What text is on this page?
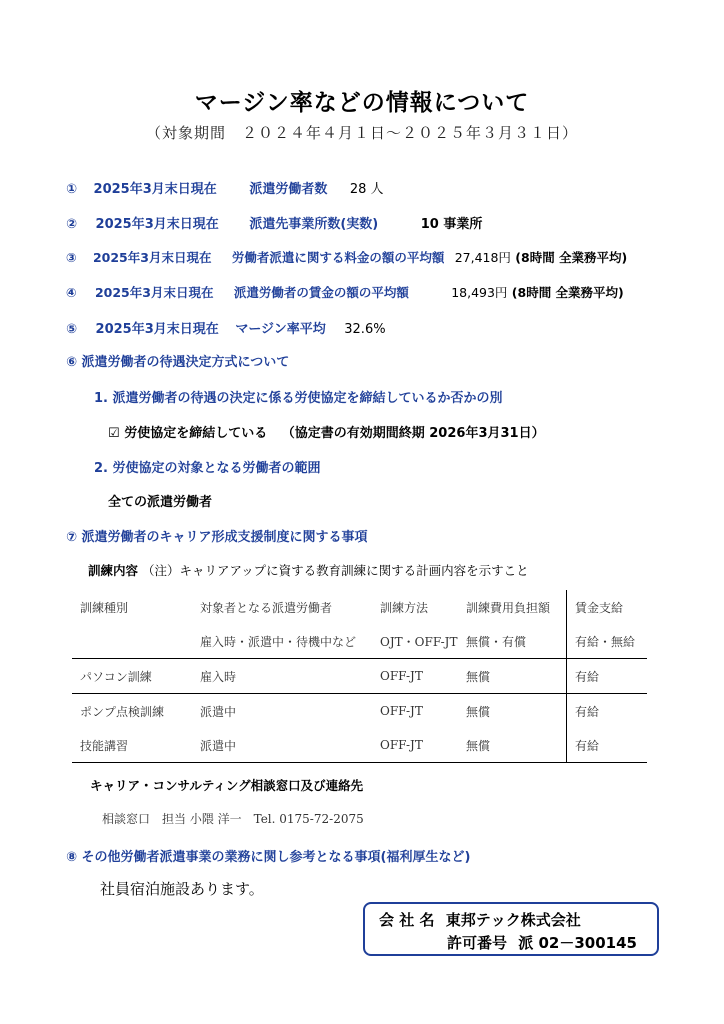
マージン率などの情報について
（対象期間　２０２４年４月１日～２０２５年３月３１日）
① 2025年3月末日現在	派遣労働者数 28 人
② 2025年3月末日現在 派遣先事業所数(実数)	10 事業所
③ 2025年3月末日現在 労働者派遣に関する料金の額の平均額 27,418円 (8時間 全業務平均)
④ 2025年3月末日現在 派遣労働者の賃金の額の平均額	18,493円 (8時間 全業務平均)
⑤ 2025年3月末日現在 マージン率平均 32.6%
⑥ 派遣労働者の待遇決定方式について
1. 派遣労働者の待遇の決定に係る労使協定を締結しているか否かの別
☑ 労使協定を締結している （協定書の有効期間終期 2026年3月31日）
2. 労使協定の対象となる労働者の範囲
全ての派遣労働者
⑦ 派遣労働者のキャリア形成支援制度に関する事項
訓練内容 （注）キャリアアップに資する教育訓練に関する計画内容を示すこと
訓練種別	対象者となる派遣労働者	訓練方法	訓練費用負担額	賃金支給
	雇入時・派遣中・待機中など	OJT・OFF-JT	無償・有償	有給・無給
パソコン訓練	雇入時	OFF-JT	無償	有給
ポンプ点検訓練	派遣中	OFF-JT	無償	有給
技能講習	派遣中	OFF-JT	無償	有給
キャリア・コンサルティング相談窓口及び連絡先
相談窓口　担当 小隈 洋一　Tel. 0175-72-2075
⑧ その他労働者派遣事業の業務に関し参考となる事項(福利厚生など)
社員宿泊施設あります。
会 社 名 東邦テック株式会社
許可番号 派 02－300145
